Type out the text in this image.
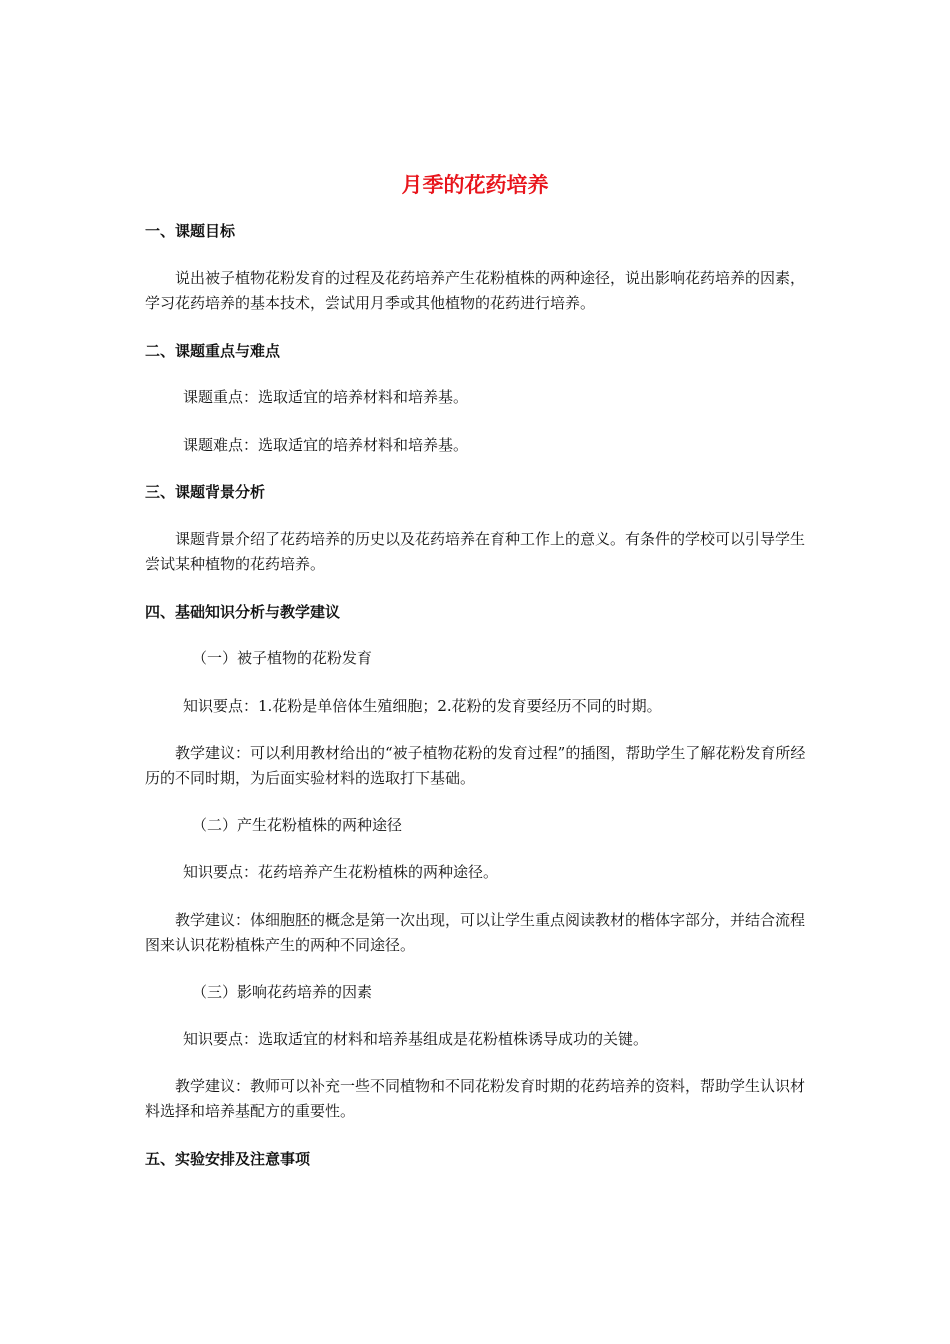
月季的花药培养
一、课题目标
说出被子植物花粉发育的过程及花药培养产生花粉植株的两种途径，说出影响花药培养的因素，学习花药培养的基本技术，尝试用月季或其他植物的花药进行培养。
二、课题重点与难点
课题重点：选取适宜的培养材料和培养基。
课题难点：选取适宜的培养材料和培养基。
三、课题背景分析
课题背景介绍了花药培养的历史以及花药培养在育种工作上的意义。有条件的学校可以引导学生尝试某种植物的花药培养。
四、基础知识分析与教学建议
（一）被子植物的花粉发育
知识要点：1.花粉是单倍体生殖细胞；2.花粉的发育要经历不同的时期。
教学建议：可以利用教材给出的“被子植物花粉的发育过程”的插图，帮助学生了解花粉发育所经历的不同时期，为后面实验材料的选取打下基础。
（二）产生花粉植株的两种途径
知识要点：花药培养产生花粉植株的两种途径。
教学建议：体细胞胚的概念是第一次出现，可以让学生重点阅读教材的楷体字部分，并结合流程图来认识花粉植株产生的两种不同途径。
（三）影响花药培养的因素
知识要点：选取适宜的材料和培养基组成是花粉植株诱导成功的关键。
教学建议：教师可以补充一些不同植物和不同花粉发育时期的花药培养的资料，帮助学生认识材料选择和培养基配方的重要性。
五、实验安排及注意事项
